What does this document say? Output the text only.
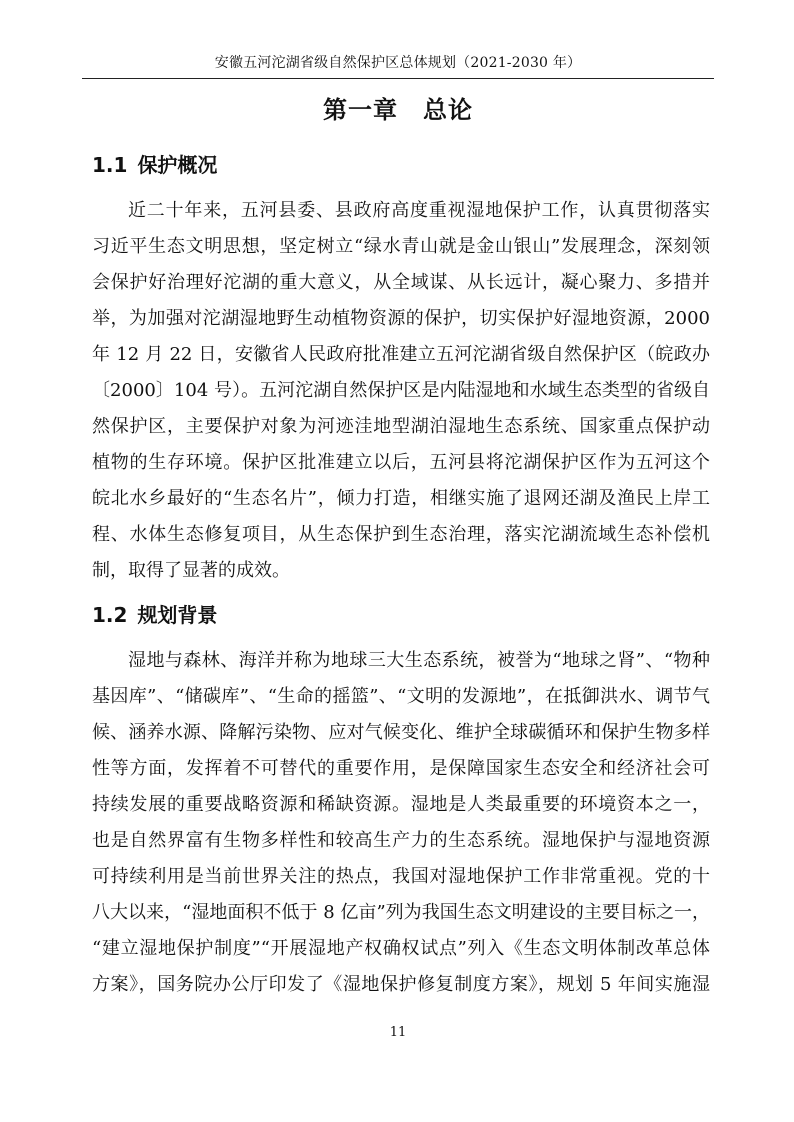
安徽五河沱湖省级自然保护区总体规划（2021-2030 年）
第一章　总论
1.1 保护概况
近二十年来，五河县委、县政府高度重视湿地保护工作，认真贯彻落实
习近平生态文明思想，坚定树立“绿水青山就是金山银山”发展理念，深刻领
会保护好治理好沱湖的重大意义，从全域谋、从长远计，凝心聚力、多措并
举，为加强对沱湖湿地野生动植物资源的保护，切实保护好湿地资源，2000
年 12 月 22 日，安徽省人民政府批准建立五河沱湖省级自然保护区（皖政办
〔2000〕104 号）。五河沱湖自然保护区是内陆湿地和水域生态类型的省级自
然保护区，主要保护对象为河迹洼地型湖泊湿地生态系统、国家重点保护动
植物的生存环境。保护区批准建立以后，五河县将沱湖保护区作为五河这个
皖北水乡最好的“生态名片”，倾力打造，相继实施了退网还湖及渔民上岸工
程、水体生态修复项目，从生态保护到生态治理，落实沱湖流域生态补偿机
制，取得了显著的成效。
1.2 规划背景
湿地与森林、海洋并称为地球三大生态系统，被誉为“地球之肾”、“物种
基因库”、“储碳库”、“生命的摇篮”、“文明的发源地”，在抵御洪水、调节气
候、涵养水源、降解污染物、应对气候变化、维护全球碳循环和保护生物多样
性等方面，发挥着不可替代的重要作用，是保障国家生态安全和经济社会可
持续发展的重要战略资源和稀缺资源。湿地是人类最重要的环境资本之一，
也是自然界富有生物多样性和较高生产力的生态系统。湿地保护与湿地资源
可持续利用是当前世界关注的热点，我国对湿地保护工作非常重视。党的十
八大以来，“湿地面积不低于 8 亿亩”列为我国生态文明建设的主要目标之一，
“建立湿地保护制度”“开展湿地产权确权试点”列入《生态文明体制改革总体
方案》，国务院办公厅印发了《湿地保护修复制度方案》，规划 5 年间实施湿
11
